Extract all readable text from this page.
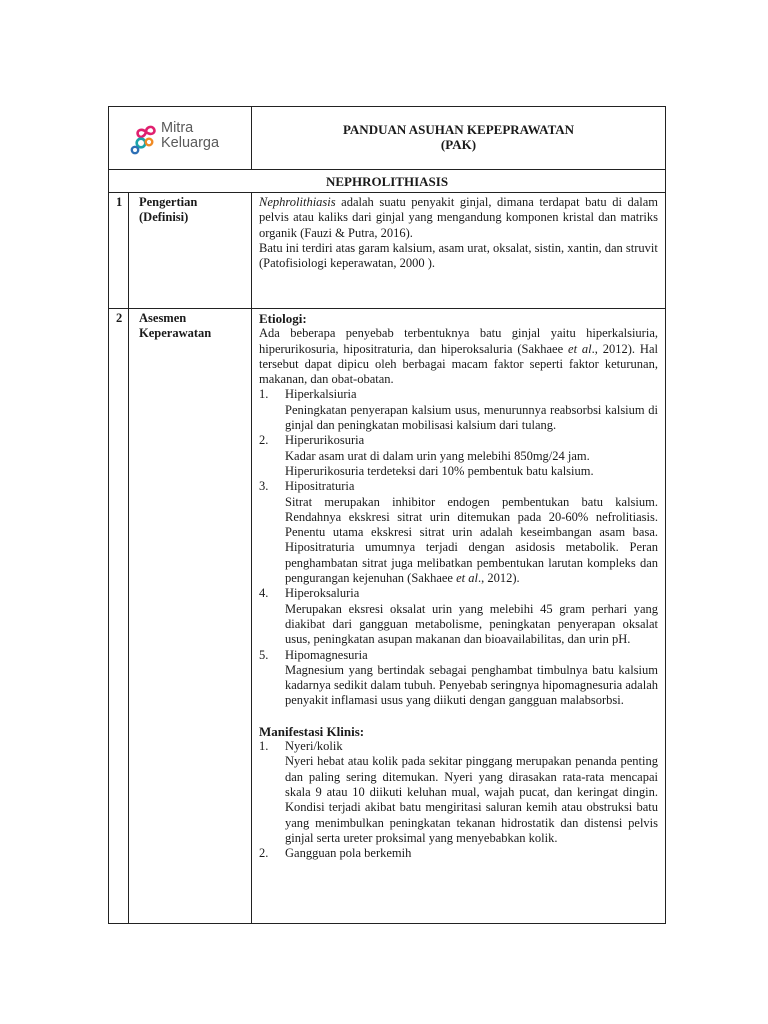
Mitra
Keluarga
PANDUAN ASUHAN KEPEPRAWATAN
(PAK)
NEPHROLITHIASIS
1	Pengertian
(Definisi)

Nephrolithiasis adalah suatu penyakit ginjal, dimana terdapat batu di dalam pelvis atau kaliks dari ginjal yang mengandung komponen kristal dan matriks organik (Fauzi & Putra, 2016).

Batu ini terdiri atas garam kalsium, asam urat, oksalat, sistin, xantin, dan struvit (Patofisiologi keperawatan, 2000 ).

2	Asesmen
Keperawatan

Etiologi:

Ada beberapa penyebab terbentuknya batu ginjal yaitu hiperkalsiuria, hiperurikosuria, hipositraturia, dan hiperoksaluria (Sakhaee et al., 2012). Hal tersebut dapat dipicu oleh berbagai macam faktor seperti faktor keturunan, makanan, dan obat-obatan.

1. Hiperkalsiuria
Peningkatan penyerapan kalsium usus, menurunnya reabsorbsi kalsium di ginjal dan peningkatan mobilisasi kalsium dari tulang.
2. Hiperurikosuria
Kadar asam urat di dalam urin yang melebihi 850mg/24 jam. Hiperurikosuria terdeteksi dari 10% pembentuk batu kalsium.
3. Hipositraturia
Sitrat merupakan inhibitor endogen pembentukan batu kalsium. Rendahnya ekskresi sitrat urin ditemukan pada 20-60% nefrolitiasis. Penentu utama ekskresi sitrat urin adalah keseimbangan asam basa. Hipositraturia umumnya terjadi dengan asidosis metabolik. Peran penghambatan sitrat juga melibatkan pembentukan larutan kompleks dan pengurangan kejenuhan (Sakhaee et al., 2012).
4. Hiperoksaluria
Merupakan eksresi oksalat urin yang melebihi 45 gram perhari yang diakibat dari gangguan metabolisme, peningkatan penyerapan oksalat usus, peningkatan asupan makanan dan bioavailabilitas, dan urin pH.
5. Hipomagnesuria
Magnesium yang bertindak sebagai penghambat timbulnya batu kalsium kadarnya sedikit dalam tubuh. Penyebab seringnya hipomagnesuria adalah penyakit inflamasi usus yang diikuti dengan gangguan malabsorbsi.

Manifestasi Klinis:

1. Nyeri/kolik
Nyeri hebat atau kolik pada sekitar pinggang merupakan penanda penting dan paling sering ditemukan. Nyeri yang dirasakan rata-rata mencapai skala 9 atau 10 diikuti keluhan mual, wajah pucat, dan keringat dingin. Kondisi terjadi akibat batu mengiritasi saluran kemih atau obstruksi batu yang menimbulkan peningkatan tekanan hidrostatik dan distensi pelvis ginjal serta ureter proksimal yang menyebabkan kolik.
2. Gangguan pola berkemih
